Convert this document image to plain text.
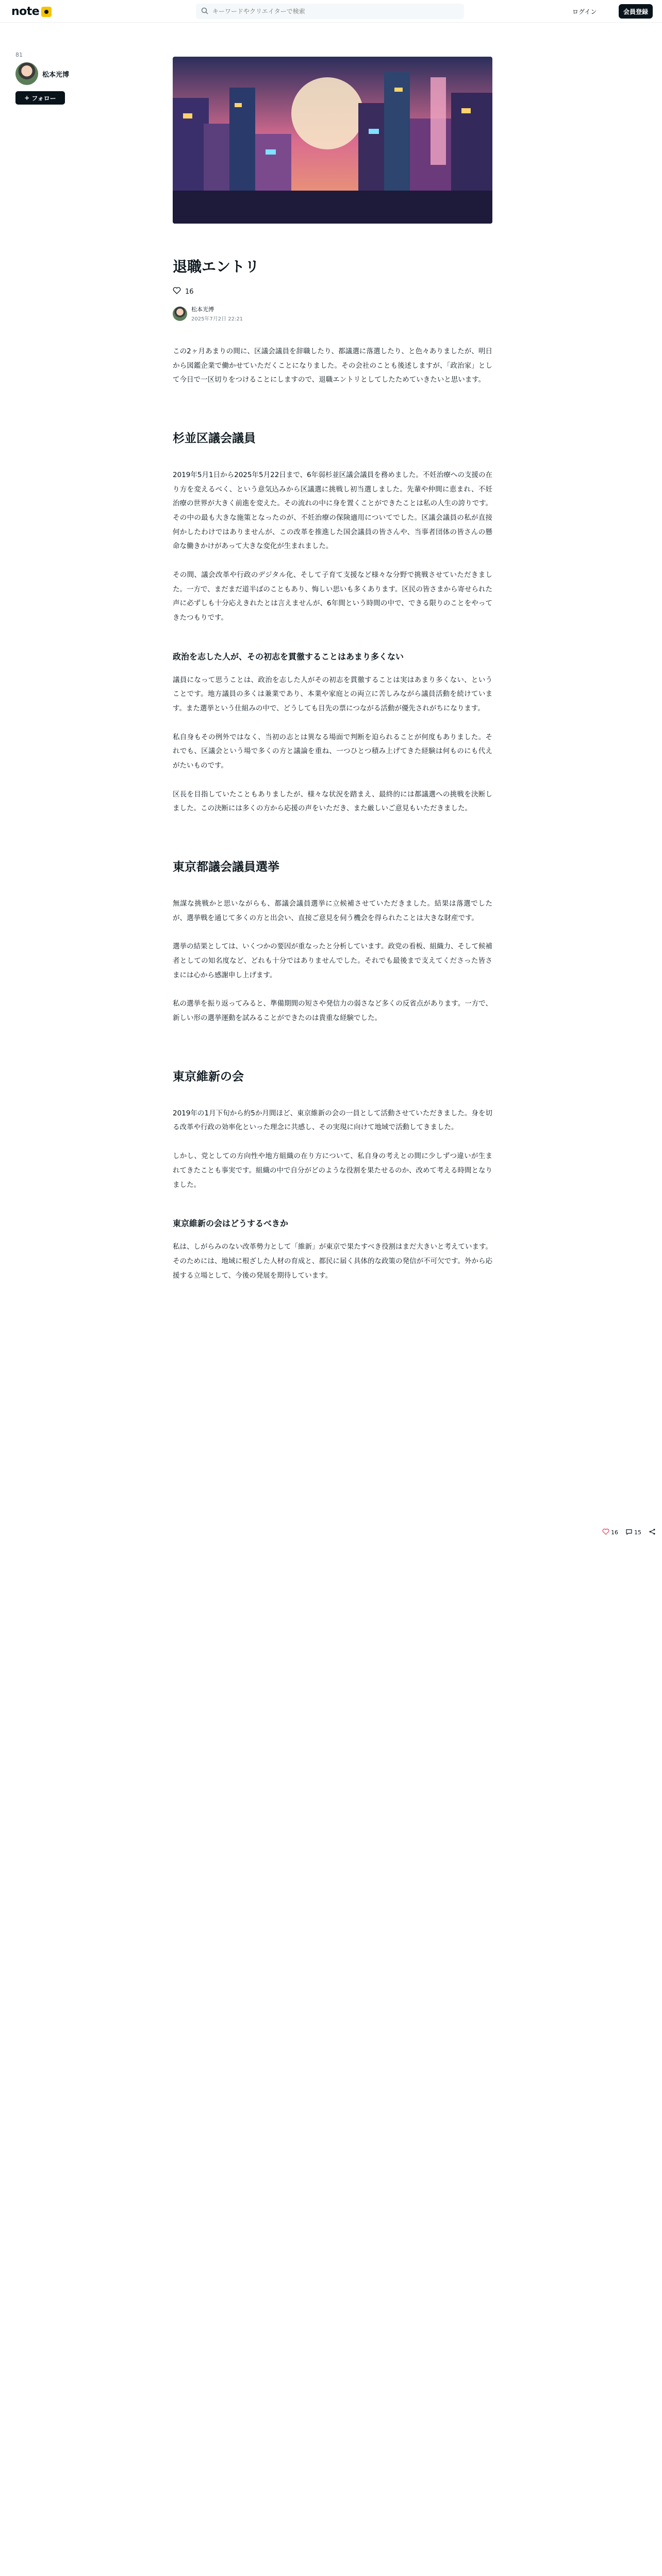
note
キーワードやクリエイターで検索	ログイン	会員登録
81
松本光博
+ フォロー
退職エントリ
16
松本光博
2025年7月2日 22:21

この2ヶ月あまりの間に、区議会議員を辞職したり、都議選に落選したり、と色々ありましたが、明日から図鑑企業で働かせていただくことになりました。その会社のことも後述しますが、「政治家」として今日で一区切りをつけることにしますので、退職エントリとしてしたためていきたいと思います。

杉並区議会議員

2019年5月1日から2025年5月22日まで、6年弱杉並区議会議員を務めました。不妊治療への支援の在り方を変えるべく、という意気込みから区議選に挑戦し初当選しました。先輩や仲間に恵まれ、不妊治療の世界が大きく前進を変えた。その流れの中に身を置くことができたことは私の人生の誇りです。その中の最も大きな施策となったのが、不妊治療の保険適用についてでした。区議会議員の私が直接何かしたわけではありませんが、この改革を推進した国会議員の皆さんや、当事者団体の皆さんの懸命な働きかけがあって大きな変化が生まれました。

その間、議会改革や行政のデジタル化、そして子育て支援など様々な分野で挑戦させていただきました。一方で、まだまだ道半ばのこともあり、悔しい思いも多くあります。区民の皆さまから寄せられた声に必ずしも十分応えきれたとは言えませんが、6年間という時間の中で、できる限りのことをやってきたつもりです。

政治を志した人が、その初志を貫徹することはあまり多くない

議員になって思うことは、政治を志した人がその初志を貫徹することは実はあまり多くない、ということです。地方議員の多くは兼業であり、本業や家庭との両立に苦しみながら議員活動を続けています。また選挙という仕組みの中で、どうしても目先の票につながる活動が優先されがちになります。

私自身もその例外ではなく、当初の志とは異なる場面で判断を迫られることが何度もありました。それでも、区議会という場で多くの方と議論を重ね、一つひとつ積み上げてきた経験は何ものにも代えがたいものです。

区長を目指していたこともありましたが、様々な状況を踏まえ、最終的には都議選への挑戦を決断しました。この決断には多くの方から応援の声をいただき、また厳しいご意見もいただきました。

東京都議会議員選挙

無謀な挑戦かと思いながらも、都議会議員選挙に立候補させていただきました。結果は落選でしたが、選挙戦を通じて多くの方と出会い、直接ご意見を伺う機会を得られたことは大きな財産です。

選挙の結果としては、いくつかの要因が重なったと分析しています。政党の看板、組織力、そして候補者としての知名度など、どれも十分ではありませんでした。それでも最後まで支えてくださった皆さまには心から感謝申し上げます。

私の選挙を振り返ってみると、準備期間の短さや発信力の弱さなど多くの反省点があります。一方で、新しい形の選挙運動を試みることができたのは貴重な経験でした。

東京維新の会

2019年の1月下旬から約5か月間ほど、東京維新の会の一員として活動させていただきました。身を切る改革や行政の効率化といった理念に共感し、その実現に向けて地域で活動してきました。

しかし、党としての方向性や地方組織の在り方について、私自身の考えとの間に少しずつ違いが生まれてきたことも事実です。組織の中で自分がどのような役割を果たせるのか、改めて考える時間となりました。

東京維新の会はどうするべきか

私は、しがらみのない改革勢力として「維新」が東京で果たすべき役割はまだ大きいと考えています。そのためには、地域に根ざした人材の育成と、都民に届く具体的な政策の発信が不可欠です。外から応援する立場として、今後の発展を期待しています。

16	15
